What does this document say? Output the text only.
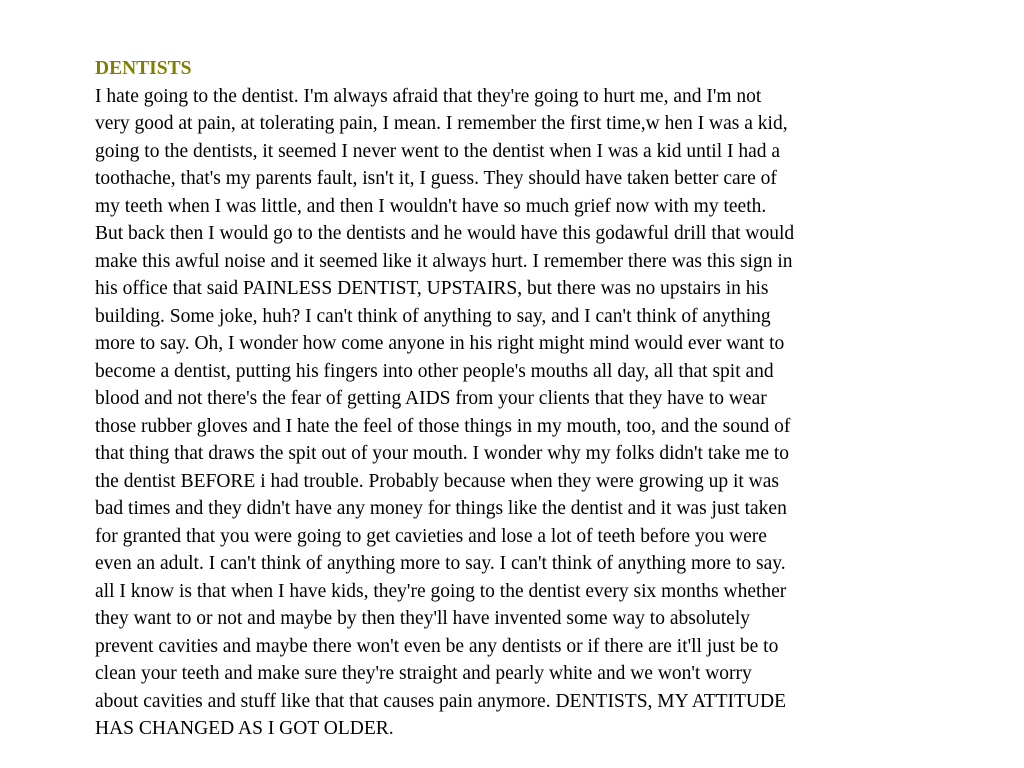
DENTISTS

I hate going to the dentist. I'm always afraid that they're going to hurt me, and I'm not
very good at pain, at tolerating pain, I mean. I remember the first time,w hen I was a kid,
going to the dentists, it seemed I never went to the dentist when I was a kid until I had a
toothache, that's my parents fault, isn't it, I guess. They should have taken better care of
my teeth when I was little, and then I wouldn't have so much grief now with my teeth.
But back then I would go to the dentists and he would have this godawful drill that would
make this awful noise and it seemed like it always hurt. I remember there was this sign in
his office that said PAINLESS DENTIST, UPSTAIRS, but there was no upstairs in his
building. Some joke, huh? I can't think of anything to say, and I can't think of anything
more to say. Oh, I wonder how come anyone in his right might mind would ever want to
become a dentist, putting his fingers into other people's mouths all day, all that spit and
blood and not there's the fear of getting AIDS from your clients that they have to wear
those rubber gloves and I hate the feel of those things in my mouth, too, and the sound of
that thing that draws the spit out of your mouth. I wonder why my folks didn't take me to
the dentist BEFORE i had trouble. Probably because when they were growing up it was
bad times and they didn't have any money for things like the dentist and it was just taken
for granted that you were going to get cavieties and lose a lot of teeth before you were
even an adult. I can't think of anything more to say. I can't think of anything more to say.
all I know is that when I have kids, they're going to the dentist every six months whether
they want to or not and maybe by then they'll have invented some way to absolutely
prevent cavities and maybe there won't even be any dentists or if there are it'll just be to
clean your teeth and make sure they're straight and pearly white and we won't worry
about cavities and stuff like that that causes pain anymore. DENTISTS, MY ATTITUDE
HAS CHANGED AS I GOT OLDER.
